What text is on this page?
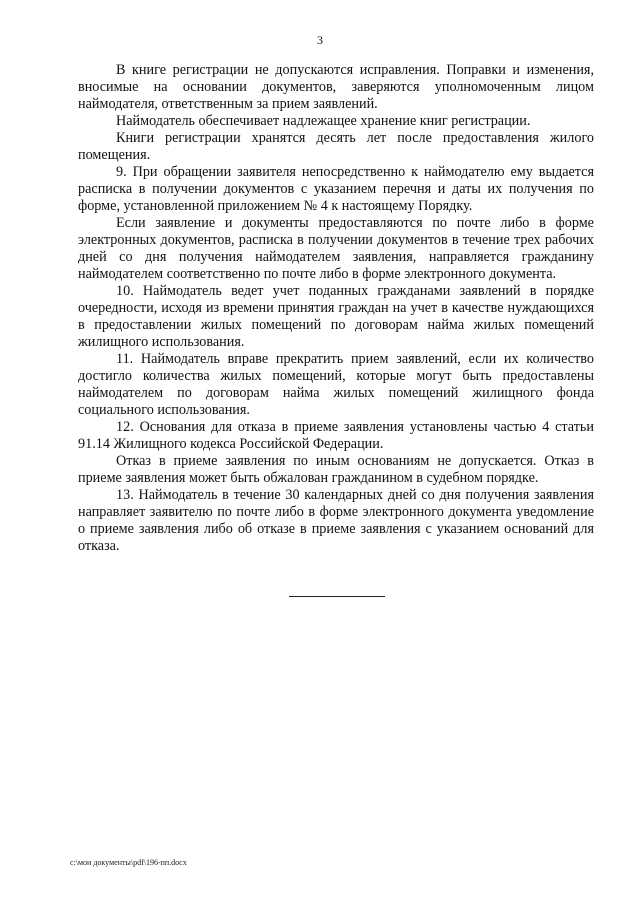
3

В книге регистрации не допускаются исправления. Поправки и изменения, вносимые на основании документов, заверяются уполномоченным лицом наймодателя, ответственным за прием заявлений.

Наймодатель обеспечивает надлежащее хранение книг регистрации.

Книги регистрации хранятся десять лет после предоставления жилого помещения.

9. При обращении заявителя непосредственно к наймодателю ему выдается расписка в получении документов с указанием перечня и даты их получения по форме, установленной приложением № 4 к настоящему Порядку.

Если заявление и документы предоставляются по почте либо в форме электронных документов, расписка в получении документов в течение трех рабочих дней со дня получения наймодателем заявления, направляется гражданину наймодателем соответственно по почте либо в форме электронного документа.

10. Наймодатель ведет учет поданных гражданами заявлений в порядке очередности, исходя из времени принятия граждан на учет в качестве нуждающихся в предоставлении жилых помещений по договорам найма жилых помещений жилищного использования.

11. Наймодатель вправе прекратить прием заявлений, если их количество достигло количества жилых помещений, которые могут быть предоставлены наймодателем по договорам найма жилых помещений жилищного фонда социального использования.

12. Основания для отказа в приеме заявления установлены частью 4 статьи 91.14 Жилищного кодекса Российской Федерации.

Отказ в приеме заявления по иным основаниям не допускается. Отказ в приеме заявления может быть обжалован гражданином в судебном порядке.

13. Наймодатель в течение 30 календарных дней со дня получения заявления направляет заявителю по почте либо в форме электронного документа уведомление о приеме заявления либо об отказе в приеме заявления с указанием оснований для отказа.

c:\мои документы\pdf\196-пп.docx
